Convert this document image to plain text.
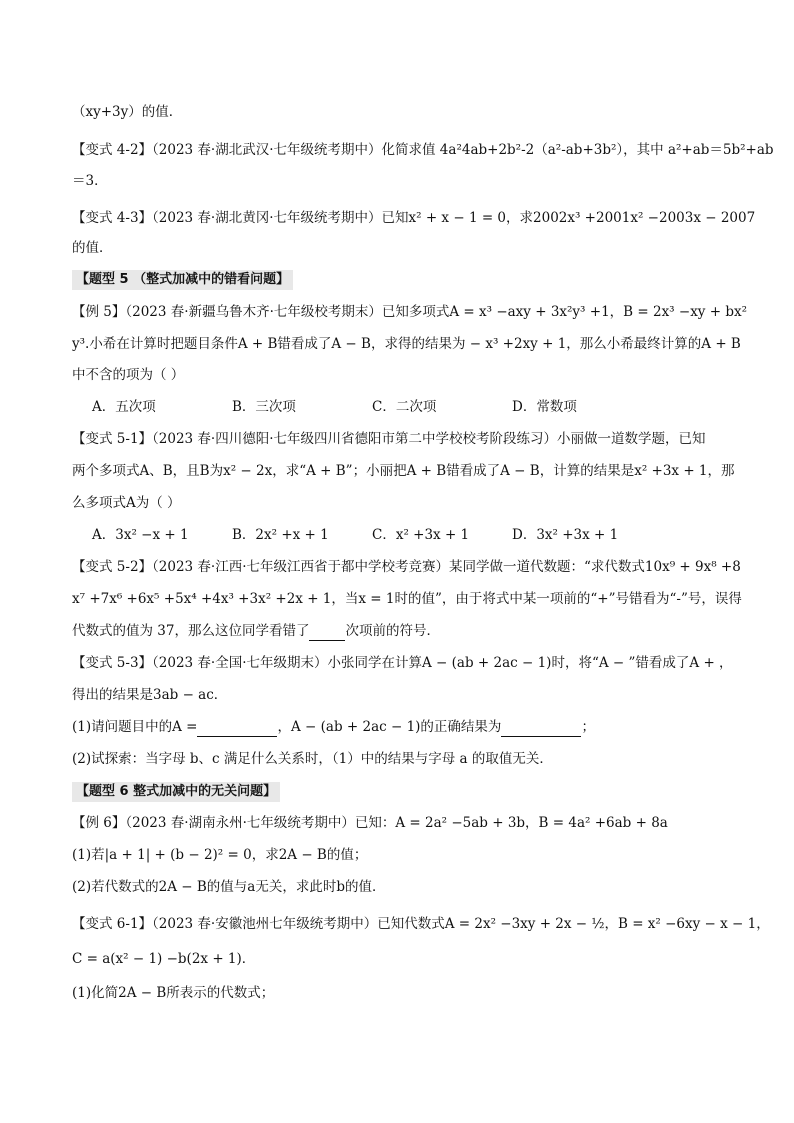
（xy+3y）的值．
【变式 4-2】（2023 春·湖北武汉·七年级统考期中）化简求值 4a²4ab+2b²-2（a²-ab+3b²），其中 a²+ab＝5b²+ab
＝3．
【变式 4-3】（2023 春·湖北黄冈·七年级统考期中）已知x² + x − 1 = 0，求2002x³ +2001x² −2003x − 2007
的值．
【题型 5 （整式加减中的错看问题】
【例 5】（2023 春·新疆乌鲁木齐·七年级校考期末）已知多项式A = x³ −axy + 3x²y³ +1，B = 2x³ −xy + bx²
y³.小希在计算时把题目条件A + B错看成了A − B，求得的结果为 − x³ +2xy + 1，那么小希最终计算的A + B
中不含的项为（ ）
A．五次项	B．三次项	C．二次项	D．常数项
【变式 5-1】（2023 春·四川德阳·七年级四川省德阳市第二中学校校考阶段练习）小丽做一道数学题，已知
两个多项式A、B，且B为x² − 2x，求“A + B”；小丽把A + B错看成了A − B，计算的结果是x² +3x + 1，那
么多项式A为（ ）
A．3x² −x + 1	B．2x² +x + 1	C．x² +3x + 1	D．3x² +3x + 1
【变式 5-2】（2023 春·江西·七年级江西省于都中学校考竞赛）某同学做一道代数题：“求代数式10x⁹ + 9x⁸ +8
x⁷ +7x⁶ +6x⁵ +5x⁴ +4x³ +3x² +2x + 1，当x = 1时的值”，由于将式中某一项前的“+”号错看为“-”号，误得
代数式的值为 37，那么这位同学看错了	次项前的符号．
【变式 5-3】（2023 春·全国·七年级期末）小张同学在计算A − (ab + 2ac − 1)时，将“A − ”错看成了A + ，
得出的结果是3ab − ac．
(1)请问题目中的A =	，A − (ab + 2ac − 1)的正确结果为	；
(2)试探索：当字母 b、c 满足什么关系时，（1）中的结果与字母 a 的取值无关．
【题型 6 整式加减中的无关问题】
【例 6】（2023 春·湖南永州·七年级统考期中）已知：A = 2a² −5ab + 3b，B = 4a² +6ab + 8a
(1)若|a + 1| + (b − 2)² = 0，求2A − B的值；
(2)若代数式的2A − B的值与a无关，求此时b的值．
【变式 6-1】（2023 春·安徽池州七年级统考期中）已知代数式A = 2x² −3xy + 2x − ½，B = x² −6xy − x − 1，
C = a(x² − 1) −b(2x + 1)．
(1)化简2A − B所表示的代数式；
